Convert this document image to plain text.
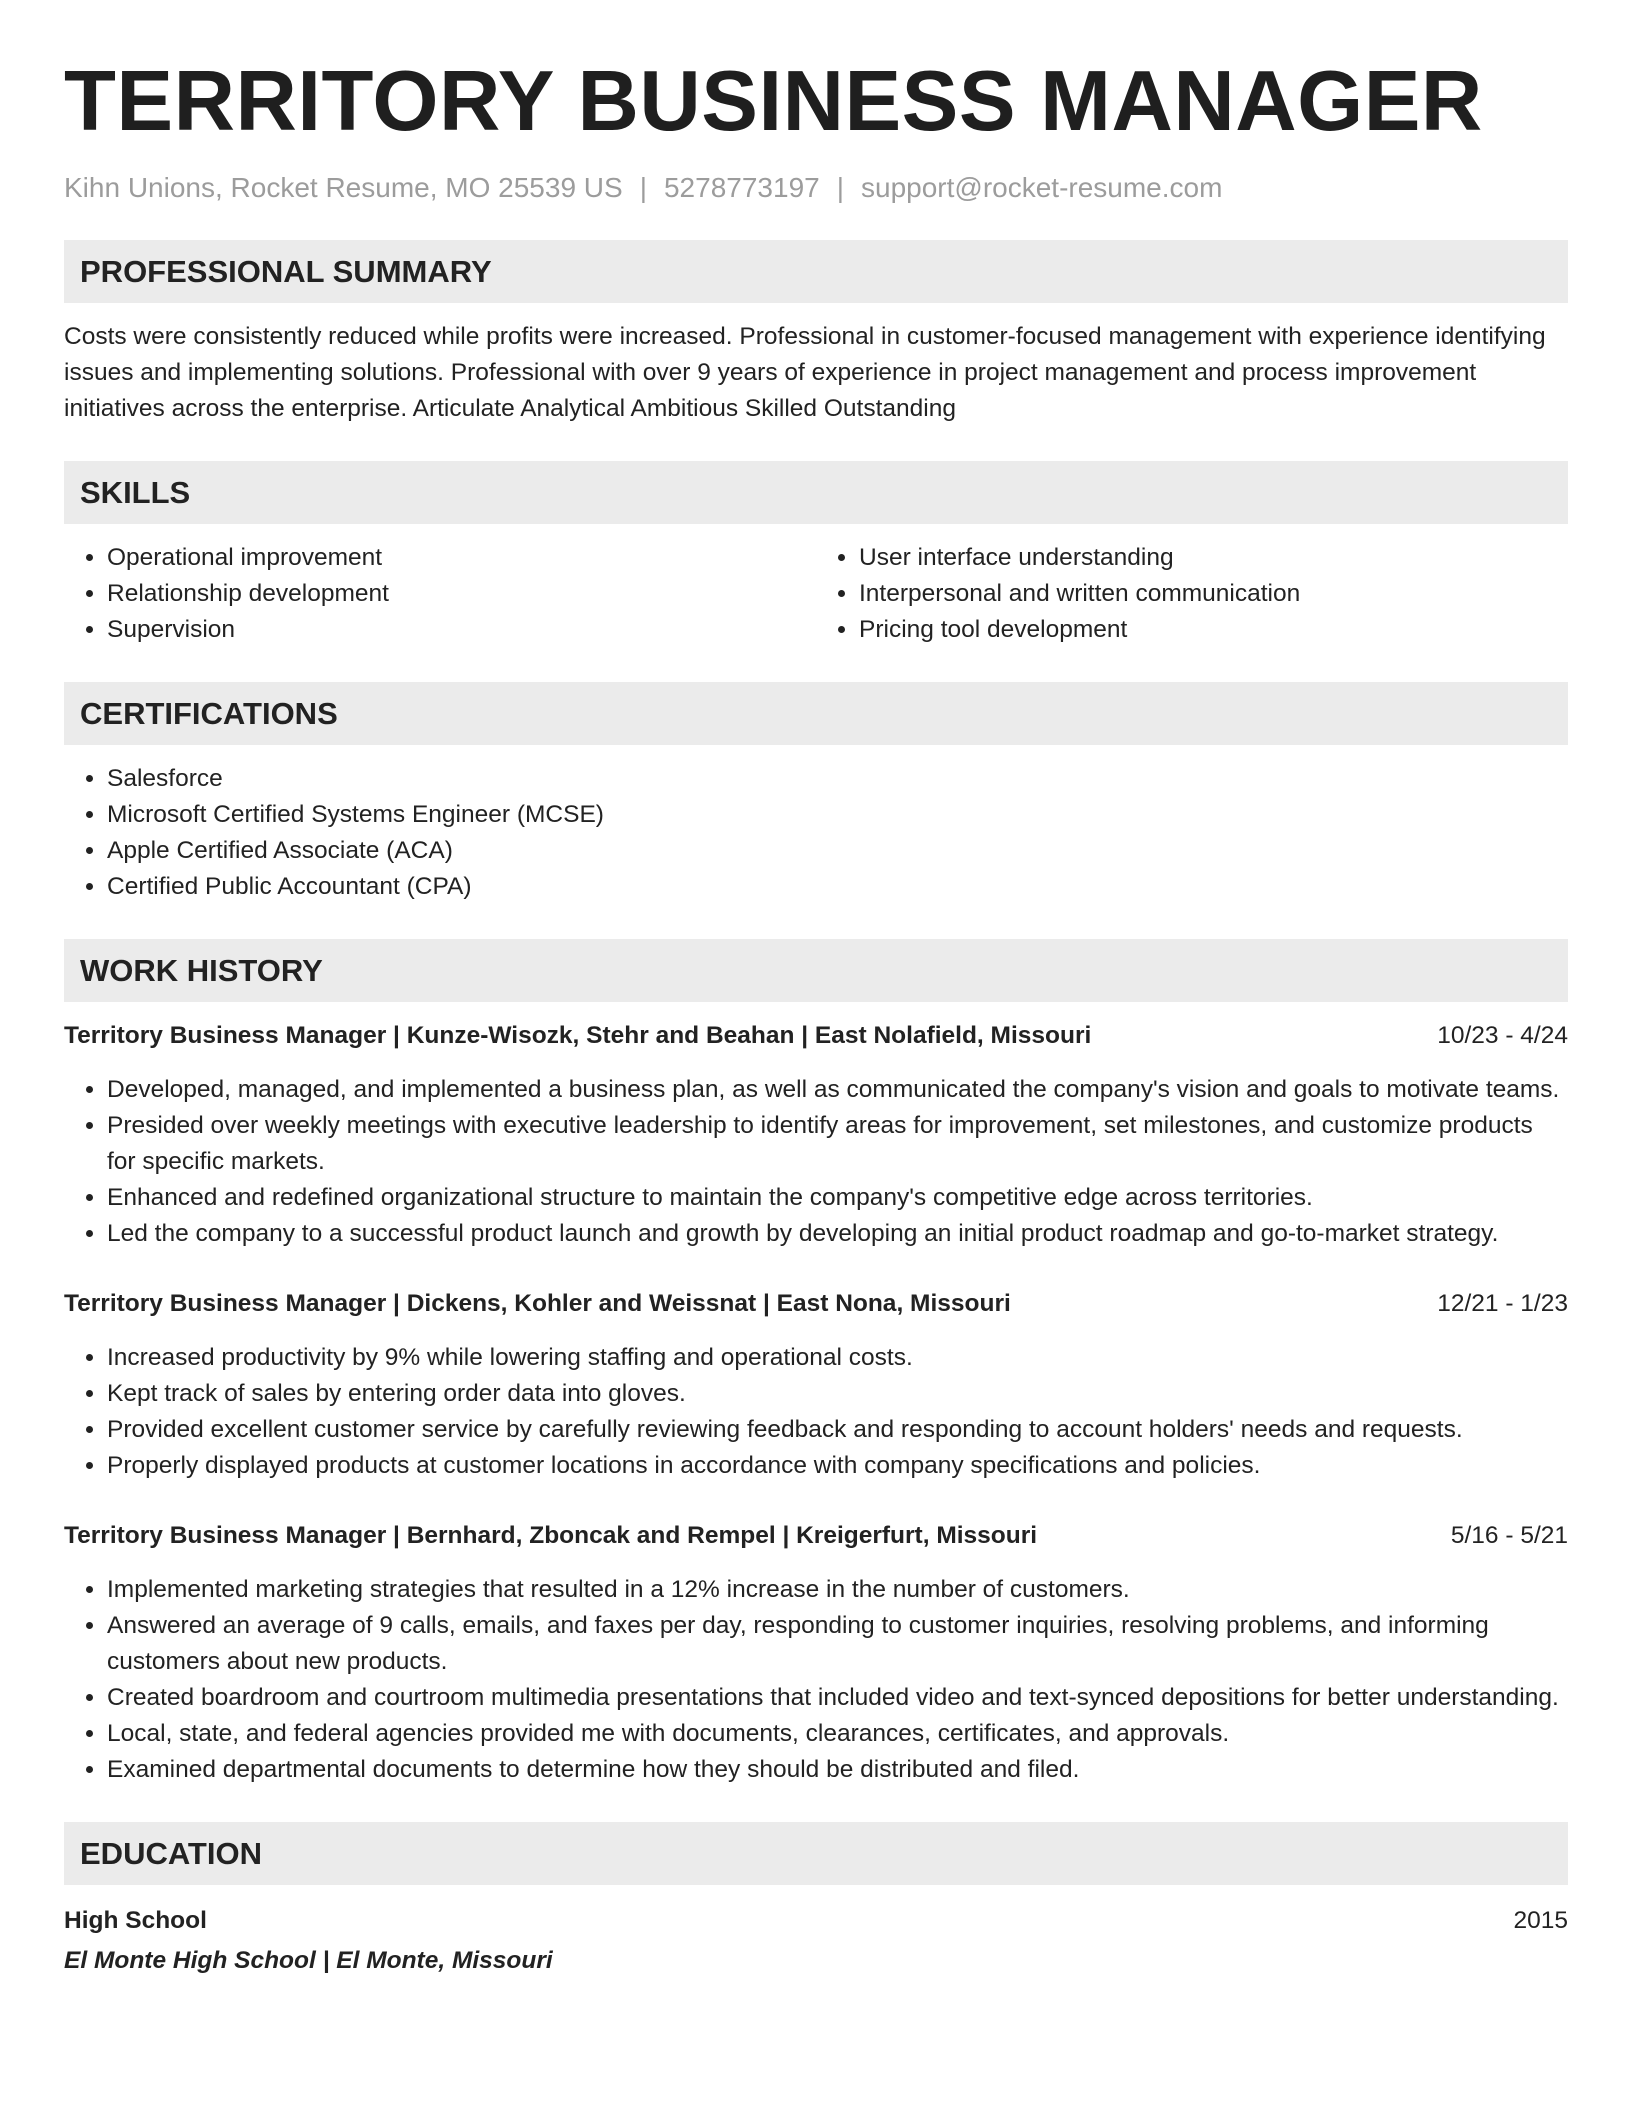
TERRITORY BUSINESS MANAGER
Kihn Unions, Rocket Resume, MO 25539 US | 5278773197 | support@rocket-resume.com
PROFESSIONAL SUMMARY

Costs were consistently reduced while profits were increased. Professional in customer-focused management with experience identifying issues and implementing solutions. Professional with over 9 years of experience in project management and process improvement initiatives across the enterprise. Articulate Analytical Ambitious Skilled Outstanding

SKILLS
• Operational improvement
• Relationship development
• Supervision
• User interface understanding
• Interpersonal and written communication
• Pricing tool development
CERTIFICATIONS
• Salesforce
• Microsoft Certified Systems Engineer (MCSE)
• Apple Certified Associate (ACA)
• Certified Public Accountant (CPA)
WORK HISTORY
Territory Business Manager | Kunze-Wisozk, Stehr and Beahan | East Nolafield, Missouri	10/23 - 4/24
• Developed, managed, and implemented a business plan, as well as communicated the company's vision and goals to motivate teams.
• Presided over weekly meetings with executive leadership to identify areas for improvement, set milestones, and customize products for specific markets.
• Enhanced and redefined organizational structure to maintain the company's competitive edge across territories.
• Led the company to a successful product launch and growth by developing an initial product roadmap and go-to-market strategy.
Territory Business Manager | Dickens, Kohler and Weissnat | East Nona, Missouri	12/21 - 1/23
• Increased productivity by 9% while lowering staffing and operational costs.
• Kept track of sales by entering order data into gloves.
• Provided excellent customer service by carefully reviewing feedback and responding to account holders' needs and requests.
• Properly displayed products at customer locations in accordance with company specifications and policies.
Territory Business Manager | Bernhard, Zboncak and Rempel | Kreigerfurt, Missouri	5/16 - 5/21
• Implemented marketing strategies that resulted in a 12% increase in the number of customers.
• Answered an average of 9 calls, emails, and faxes per day, responding to customer inquiries, resolving problems, and informing customers about new products.
• Created boardroom and courtroom multimedia presentations that included video and text-synced depositions for better understanding.
• Local, state, and federal agencies provided me with documents, clearances, certificates, and approvals.
• Examined departmental documents to determine how they should be distributed and filed.
EDUCATION
High School	2015
El Monte High School | El Monte, Missouri
